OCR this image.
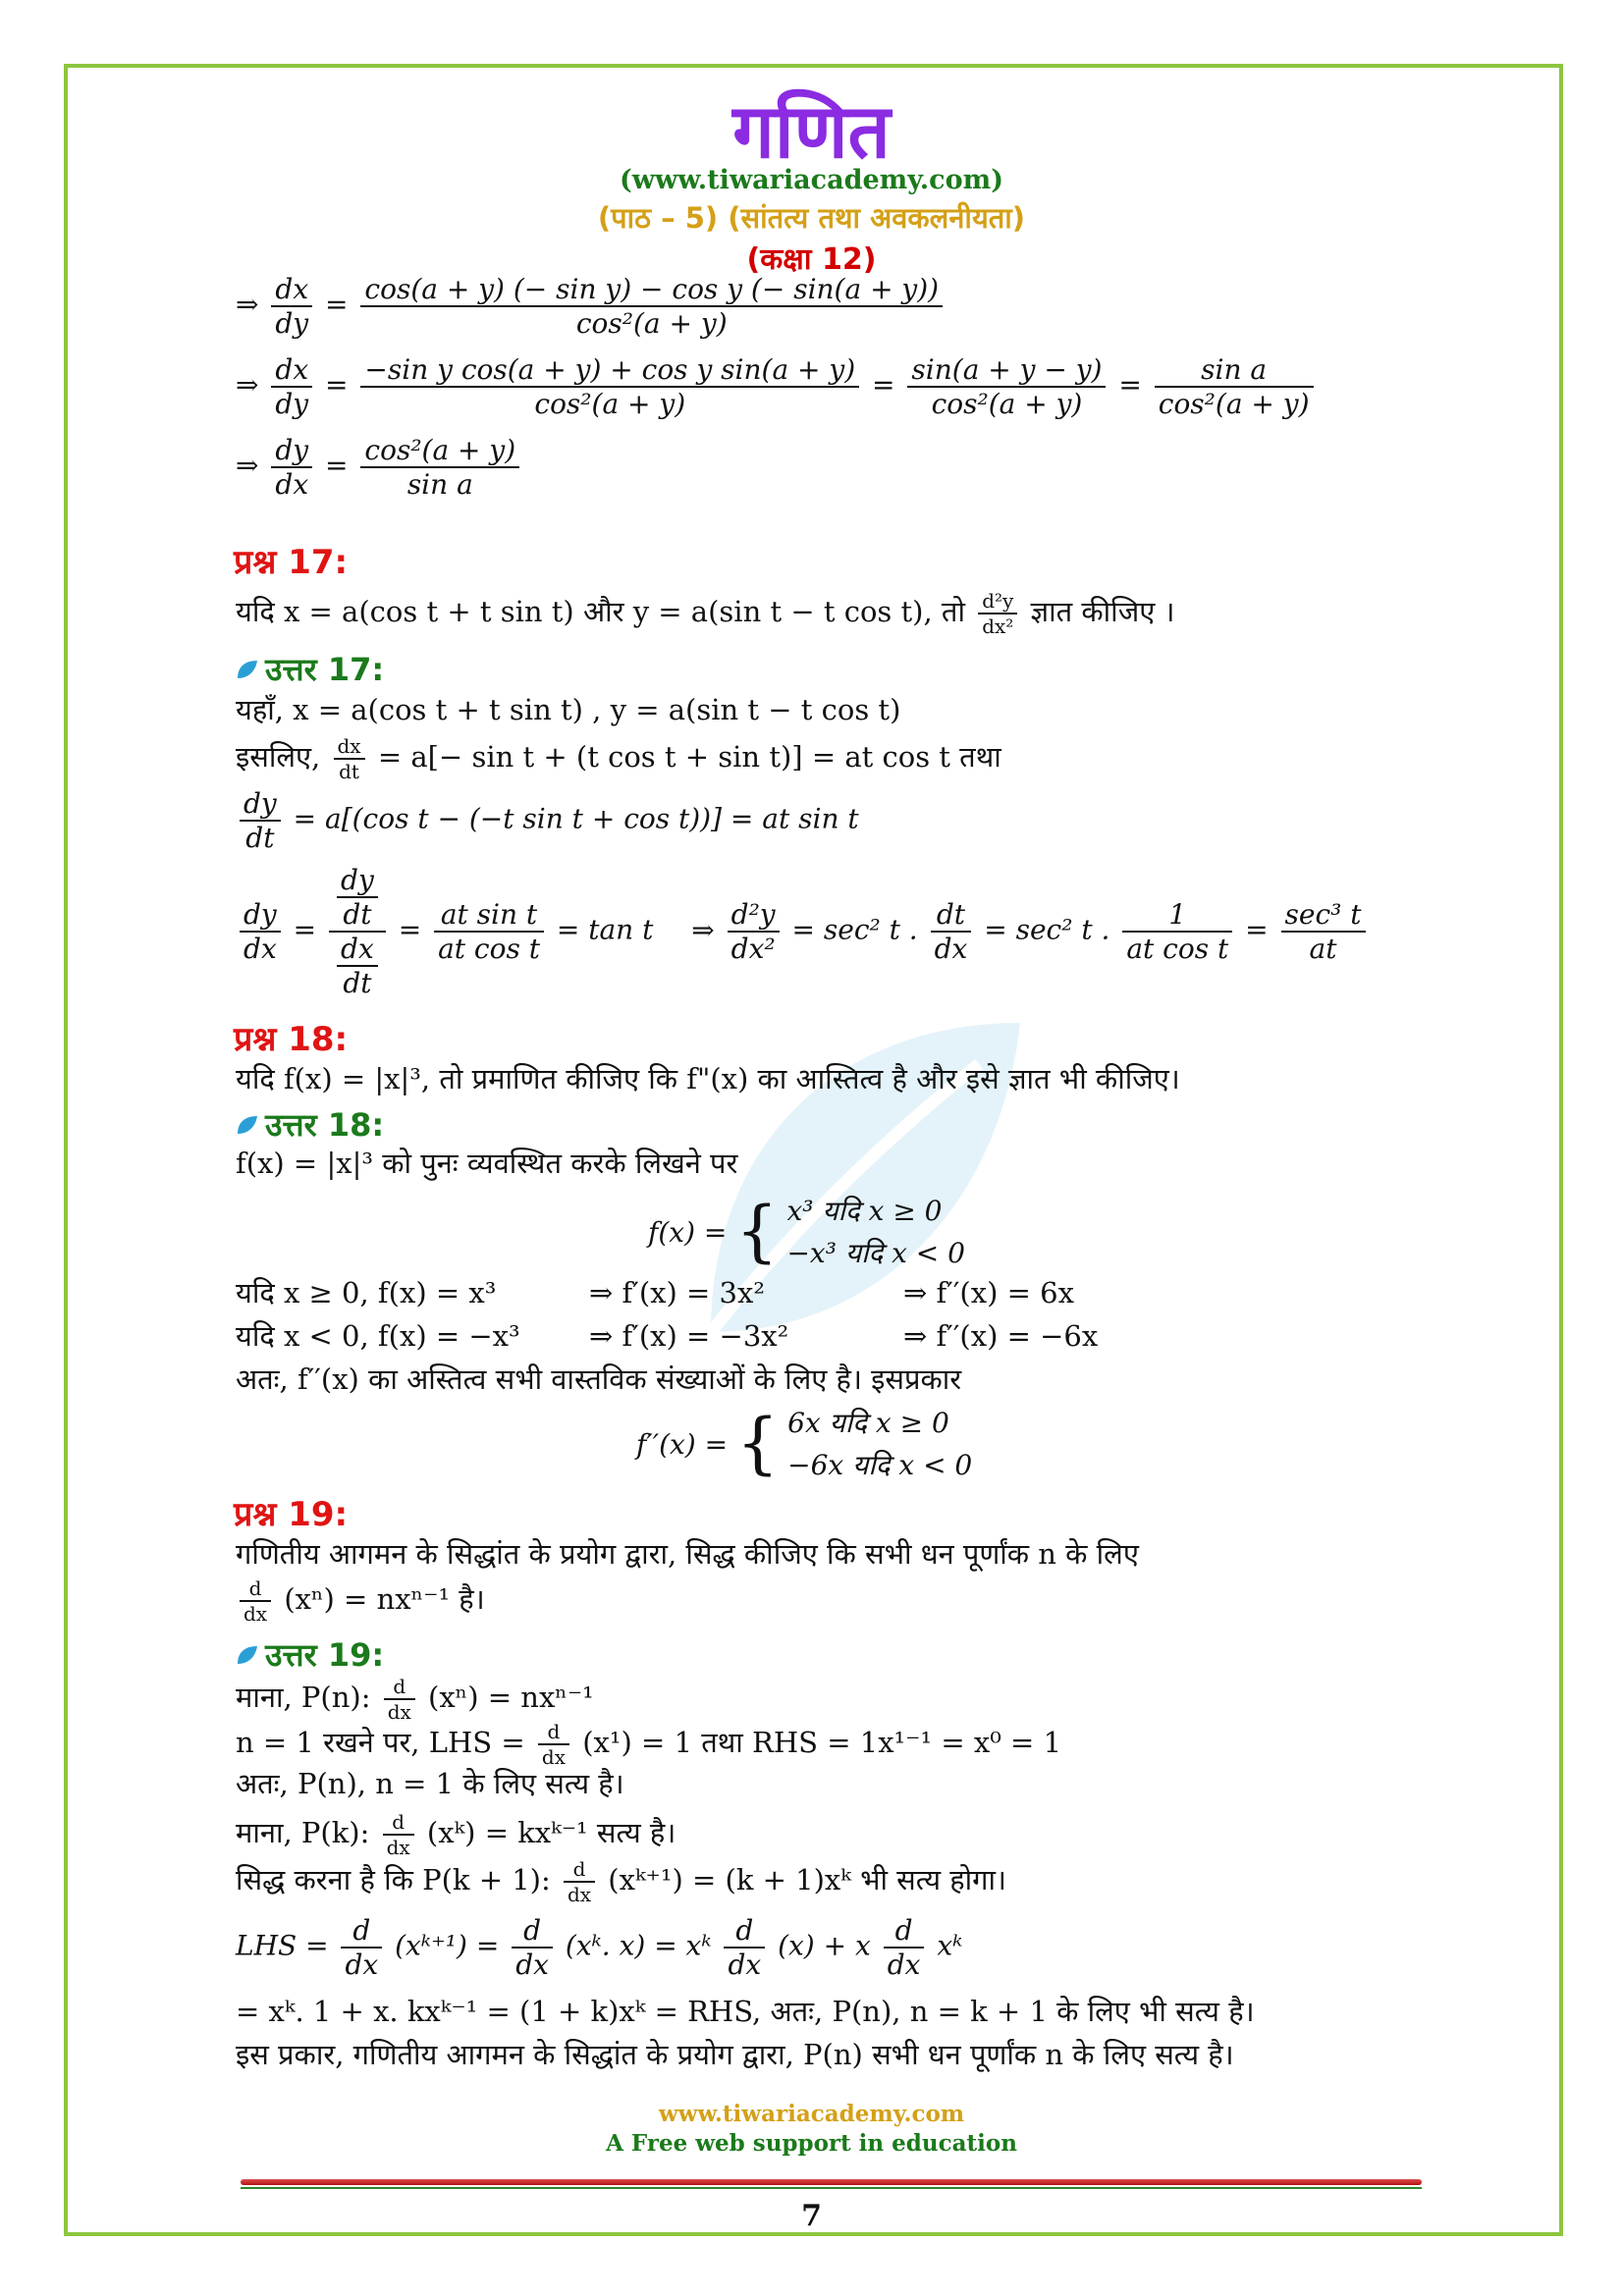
गणित
(www.tiwariacademy.com)
(पाठ – 5) (सांतत्य तथा अवकलनीयता)
(कक्षा 12)
⇒ $\frac{dx}{dy} = \frac{\text{cos(a + y) (− sin y) − cos y (− sin(a + y))}}{\text{cos²(a + y)}}$
⇒ $\frac{dx}{dy} = \frac{\text{−sin y cos(a + y) + cos y sin(a + y)}}{\text{cos²(a + y)}} = \frac{\sin(a + y - y)}{\text{cos²(a + y)}} = \frac{\text{sin a}}{\text{cos²(a + y)}}$
⇒ $\frac{dy}{dx} = \frac{\text{cos²(a + y)}}{\text{sin a}}$
प्रश्न 17:
यदि x = a(cos t + t sin t) और y = a(sin t − t cos t), तो $\frac{\text{d²y}}{\text{dx²}}$ ज्ञात कीजिए ।
उत्तर 17:
यहाँ, x = a(cos t + t sin t) , y = a(sin t − t cos t)
इसलिए, $\frac{dx}{dt} = a[- \sin t + (t$ cos t + sin t)] = at cos t तथा
$\frac{dy}{dt} = a[(\cos$ t − (−t sin t + cos t))] = at sin t
$\frac{dy}{dx}$ = dy
dt
dx
dt = $\frac{\text{at sin t}}{\text{at cos t}} = \tan t$ ⇒ $\frac{\text{d²y}}{\text{dx²}} = \sec^2$ t . $\frac{dt}{dx} = \sec^2$ t . $\frac{1}{\text{at cos t}} = \frac{\text{sec³ t}}{at}$
प्रश्न 18:
यदि f(x) = |x|³, तो प्रमाणित कीजिए कि f"(x) का आस्तित्व है और इसे ज्ञात भी कीजिए।
उत्तर 18:
f(x) = |x|³ को पुनः व्यवस्थित करके लिखने पर
f(x) = { x³ यदि x ≥ 0
−x³ यदि x < 0
यदि x ≥ 0, f(x) = x³	⇒ f′(x) = 3x²	⇒ f′′(x) = 6x
यदि x < 0, f(x) = −x³ ⇒ f′(x) = −3x²	⇒ f′′(x) = −6x
अतः, f′′(x) का अस्तित्व सभी वास्तविक संख्याओं के लिए है। इसप्रकार
f′′(x) = { 6x यदि x ≥ 0
−6x यदि x < 0
प्रश्न 19:
गणितीय आगमन के सिद्धांत के प्रयोग द्वारा, सिद्ध कीजिए कि सभी धन पूर्णांक n के लिए
$\frac{d}{dx} (x^n) = nx^{n-1}$ है।
उत्तर 19:
माना, P(n): $\frac{d}{dx} (x^n) = nx^{n-1}$
n = 1 रखने पर, LHS = $\frac{d}{dx} (x^1) = 1$ तथा RHS = 1x¹⁻¹ = x⁰ = 1
अतः, P(n), n = 1 के लिए सत्य है।
माना, P(k): $\frac{d}{dx}$ (xᵏ) = kxᵏ⁻¹ सत्य है।
सिद्ध करना है कि P(k + 1): $\frac{d}{dx}$ (xᵏ⁺¹) = (k + 1)xᵏ भी सत्य होगा।
LHS = $\frac{d}{dx}$ (xᵏ⁺¹) = $\frac{d}{dx}$ (xᵏ. x) = xᵏ $\frac{d}{dx} (x) + x \frac{d}{dx}$ xᵏ
= xᵏ. 1 + x. kxᵏ⁻¹ = (1 + k)xᵏ = RHS, अतः, P(n), n = k + 1 के लिए भी सत्य है।
इस प्रकार, गणितीय आगमन के सिद्धांत के प्रयोग द्वारा, P(n) सभी धन पूर्णांक n के लिए सत्य है।
www.tiwariacademy.com
A Free web support in education
7
